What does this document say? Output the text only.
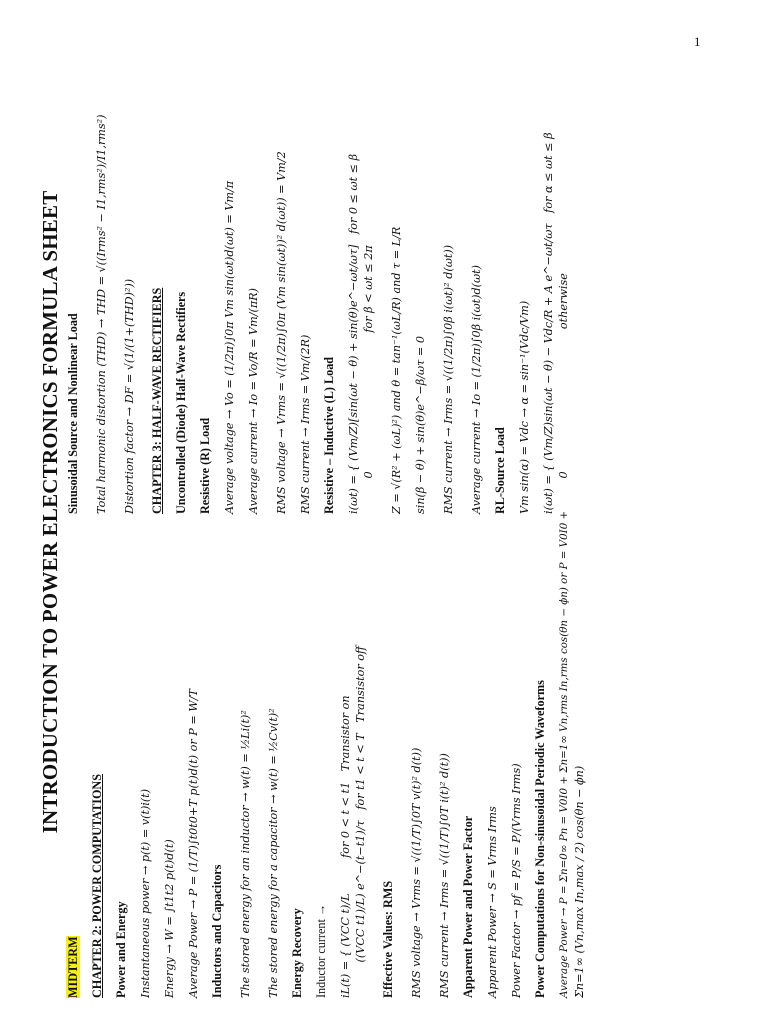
1
INTRODUCTION TO POWER ELECTRONICS FORMULA SHEET
MIDTERM CHAPTER 2: POWER COMPUTATIONS Power and Energy Instantaneous power → p(t) = v(t)i(t) Energy → W = ∫t1t2 p(t)d(t) Average Power → P = (1/T)∫t0t0+T p(t)d(t) or P = W/T Inductors and Capacitors The stored energy for an inductor → w(t) = ½Li(t)² The stored energy for a capacitor → w(t) = ½Cv(t)² Energy Recovery Inductor current → iL(t) = { (VCC t)/L          for 0 < t < t1   Transistor on ((VCC t1)/L) e^−(t−t1)/τ   for t1 < t < T   Transistor off Effective Values: RMS RMS voltage → Vrms = √((1/T)∫0T v(t)² d(t)) RMS current → Irms = √((1/T)∫0T i(t)² d(t)) Apparent Power and Power Factor Apparent Power → S = Vrms Irms Power Factor → pf = P/S = P/(Vrms Irms) Power Computations for Non-sinusoidal Periodic Waveforms Average Power → P = Σn=0∞ Pn = V0I0 + Σn=1∞ Vn,rms In,rms cos(θn − ϕn) or P = V0I0 + Σn=1∞ (Vn,max In,max / 2) cos(θn − ϕn)
Sinusoidal Source and Nonlinear Load Total harmonic distortion (THD) → THD = √((Irms² − I1,rms²)/I1,rms²) Distortion factor → DF = √(1/(1+(THD)²)) CHAPTER 3: HALF-WAVE RECTIFIERS Uncontrolled (Diode) Half-Wave Rectifiers Resistive (R) Load Average voltage → Vo = (1/2π)∫0π Vm sin(ωt)d(ωt) = Vm/π Average current → Io = Vo/R = Vm/(πR) RMS voltage → Vrms = √((1/2π)∫0π (Vm sin(ωt))² d(ωt)) = Vm/2 RMS current → Irms = Vm/(2R) Resistive – Inductive (L) Load i(ωt) = { (Vm/Z)[sin(ωt − θ) + sin(θ)e^−ωt/ωτ]   for 0 ≤ ωt ≤ β 0                                       for β < ωt ≤ 2π Z = √(R² + (ωL)²) and θ = tan⁻¹(ωL/R) and τ = L/R sin(β − θ) + sin(θ)e^−β/ωτ = 0 RMS current → Irms = √((1/2π)∫0β i(ωt)² d(ωt)) Average current → Io = (1/2π)∫0β i(ωt)d(ωt) RL-Source Load Vm sin(α) = Vdc → α = sin⁻¹(Vdc/Vm) i(ωt) = { (Vm/Z)sin(ωt − θ) − Vdc/R + A e^−ωt/ωτ   for α ≤ ωt ≤ β 0                                        otherwise
